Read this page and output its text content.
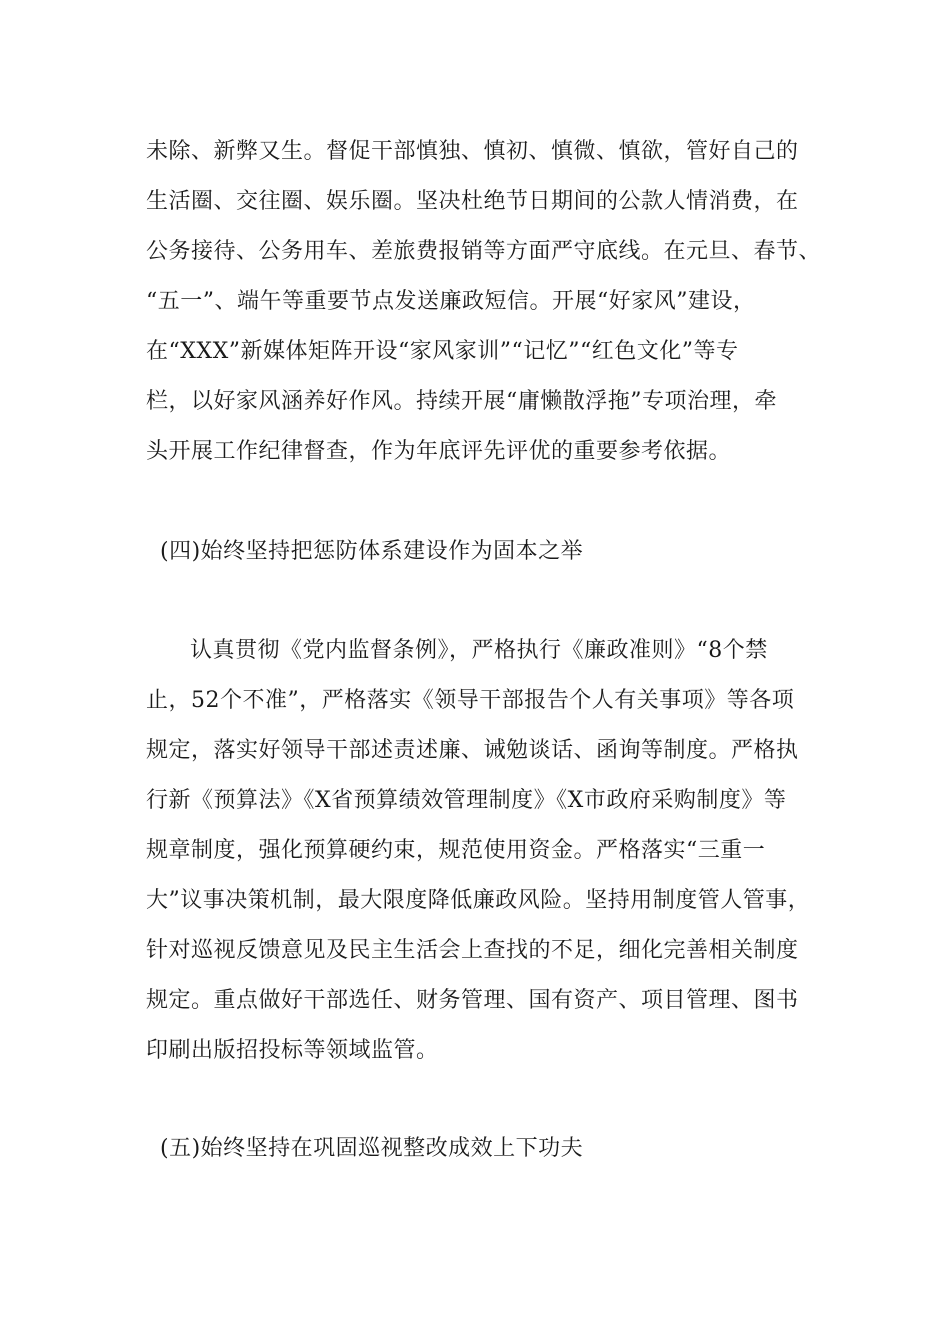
未除、新弊又生。督促干部慎独、慎初、慎微、慎欲，管好自己的
生活圈、交往圈、娱乐圈。坚决杜绝节日期间的公款人情消费，在
公务接待、公务用车、差旅费报销等方面严守底线。在元旦、春节、
“五一”、端午等重要节点发送廉政短信。开展“好家风”建设，
在“XXX”新媒体矩阵开设“家风家训”“记忆”“红色文化”等专
栏，以好家风涵养好作风。持续开展“庸懒散浮拖”专项治理，牵
头开展工作纪律督查，作为年底评先评优的重要参考依据。
(四)始终坚持把惩防体系建设作为固本之举
认真贯彻《党内监督条例》，严格执行《廉政准则》“8个禁
止，52个不准”，严格落实《领导干部报告个人有关事项》等各项
规定，落实好领导干部述责述廉、诫勉谈话、函询等制度。严格执
行新《预算法》《X省预算绩效管理制度》《X市政府采购制度》等
规章制度，强化预算硬约束，规范使用资金。严格落实“三重一
大”议事决策机制，最大限度降低廉政风险。坚持用制度管人管事，
针对巡视反馈意见及民主生活会上查找的不足，细化完善相关制度
规定。重点做好干部选任、财务管理、国有资产、项目管理、图书
印刷出版招投标等领域监管。
(五)始终坚持在巩固巡视整改成效上下功夫
